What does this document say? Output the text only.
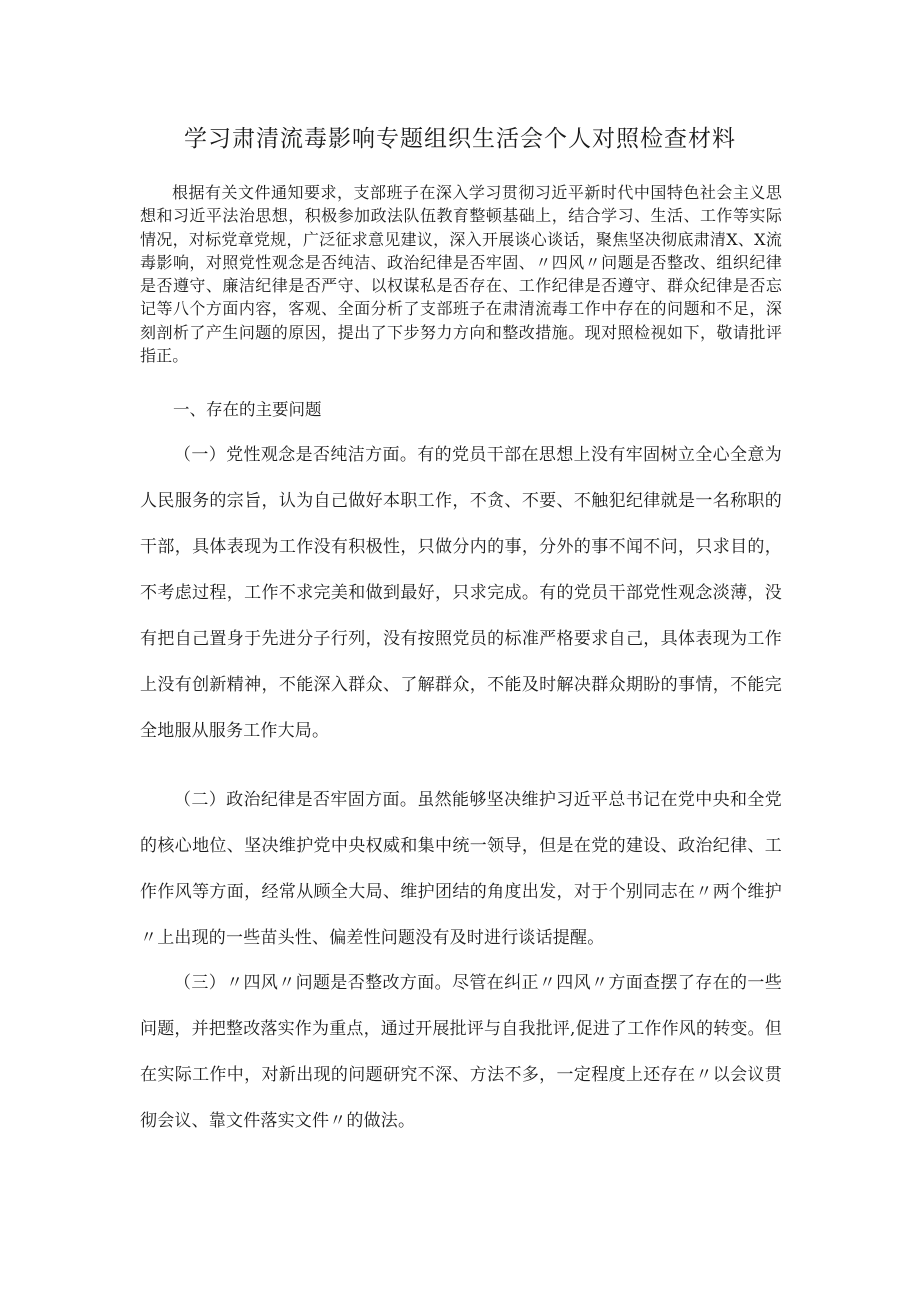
学习肃清流毒影响专题组织生活会个人对照检查材料

根据有关文件通知要求，支部班子在深入学习贯彻习近平新时代中国特色社会主义思想和习近平法治思想，积极参加政法队伍教育整顿基础上，结合学习、生活、工作等实际情况，对标党章党规，广泛征求意见建议，深入开展谈心谈话，聚焦坚决彻底肃清X、X流毒影响，对照党性观念是否纯洁、政治纪律是否牢固、〃四风〃问题是否整改、组织纪律是否遵守、廉洁纪律是否严守、以权谋私是否存在、工作纪律是否遵守、群众纪律是否忘记等八个方面内容，客观、全面分析了支部班子在肃清流毒工作中存在的问题和不足，深刻剖析了产生问题的原因，提出了下步努力方向和整改措施。现对照检视如下，敬请批评指正。

一、存在的主要问题

（一）党性观念是否纯洁方面。有的党员干部在思想上没有牢固树立全心全意为人民服务的宗旨，认为自己做好本职工作，不贪、不要、不触犯纪律就是一名称职的干部，具体表现为工作没有积极性，只做分内的事，分外的事不闻不问，只求目的，不考虑过程，工作不求完美和做到最好，只求完成。有的党员干部党性观念淡薄，没有把自己置身于先进分子行列，没有按照党员的标准严格要求自己，具体表现为工作上没有创新精神，不能深入群众、了解群众，不能及时解决群众期盼的事情，不能完全地服从服务工作大局。

（二）政治纪律是否牢固方面。虽然能够坚决维护习近平总书记在党中央和全党的核心地位、坚决维护党中央权威和集中统一领导，但是在党的建设、政治纪律、工作作风等方面，经常从顾全大局、维护团结的角度出发，对于个别同志在〃两个维护〃上出现的一些苗头性、偏差性问题没有及时进行谈话提醒。

（三）〃四风〃问题是否整改方面。尽管在纠正〃四风〃方面查摆了存在的一些问题，并把整改落实作为重点，通过开展批评与自我批评,促进了工作作风的转变。但在实际工作中，对新出现的问题研究不深、方法不多，一定程度上还存在〃以会议贯彻会议、靠文件落实文件〃的做法。
